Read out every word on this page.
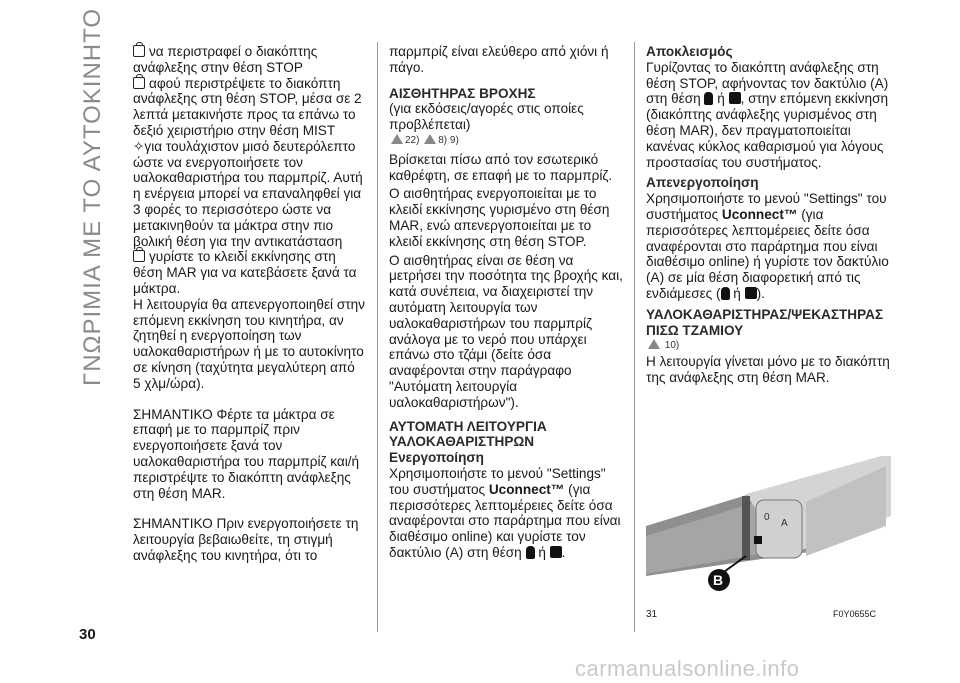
ΓΝΩΡΙΜΙΑ ΜΕ ΤΟ ΑΥΤΟΚΙΝΗΤΟ	να περιστραφεί ο διακόπτης ανάφλεξης στην θέση STOP

αφού περιστρέψετε το διακόπτη ανάφλεξης στη θέση STOP, μέσα σε 2 λεπτά μετακινήστε προς τα επάνω το δεξιό χειριστήριο στην θέση MIST

✧για τουλάχιστον μισό δευτερόλεπτο ώστε να ενεργοποιήσετε τον υαλοκαθαριστήρα του παρμπρίζ. Αυτή η ενέργεια μπορεί να επαναληφθεί για 3 φορές το περισσότερο ώστε να μετακινηθούν τα μάκτρα στην πιο βολική θέση για την αντικατάσταση

γυρίστε το κλειδί εκκίνησης στη θέση MAR για να κατεβάσετε ξανά τα μάκτρα.

Η λειτουργία θα απενεργοποιηθεί στην επόμενη εκκίνηση του κινητήρα, αν ζητηθεί η ενεργοποίηση των υαλοκαθαριστήρων ή με το αυτοκίνητο σε κίνηση (ταχύτητα μεγαλύτερη από 5 χλμ/ώρα).

ΣΗΜΑΝΤΙΚΟ Φέρτε τα μάκτρα σε επαφή με το παρμπρίζ πριν ενεργοποιήσετε ξανά τον υαλοκαθαριστήρα του παρμπρίζ και/ή περιστρέψτε το διακόπτη ανάφλεξης στη θέση MAR.

ΣΗΜΑΝΤΙΚΟ Πριν ενεργοποιήσετε τη λειτουργία βεβαιωθείτε, τη στιγμή ανάφλεξης του κινητήρα, ότι το

παρμπρίζ είναι ελεύθερο από χιόνι ή πάγο.

ΑΙΣΘΗΤΗΡΑΣ ΒΡΟΧΗΣ

(για εκδόσεις/αγορές στις οποίες προβλέπεται)

22) 8) 9)

Βρίσκεται πίσω από τον εσωτερικό καθρέφτη, σε επαφή με το παρμπρίζ.

Ο αισθητήρας ενεργοποιείται με το κλειδί εκκίνησης γυρισμένο στη θέση MAR, ενώ απενεργοποιείται με το κλειδί εκκίνησης στη θέση STOP.

Ο αισθητήρας είναι σε θέση να μετρήσει την ποσότητα της βροχής και, κατά συνέπεια, να διαχειριστεί την αυτόματη λειτουργία των υαλοκαθαριστήρων του παρμπρίζ ανάλογα με το νερό που υπάρχει επάνω στο τζάμι (δείτε όσα αναφέρονται στην παράγραφο "Αυτόματη λειτουργία υαλοκαθαριστήρων").

ΑΥΤΟΜΑΤΗ ΛΕΙΤΟΥΡΓΙΑ ΥΑΛΟΚΑΘΑΡΙΣΤΗΡΩΝ

Ενεργοποίηση

Χρησιμοποιήστε το μενού "Settings" του συστήματος Uconnect™ (για περισσότερες λεπτομέρειες δείτε όσα αναφέρονται στο παράρτημα που είναι διαθέσιμο online) και γυρίστε τον δακτύλιο (A) στη θέση ή .

Αποκλεισμός

Γυρίζοντας το διακόπτη ανάφλεξης στη θέση STOP, αφήνοντας τον δακτύλιο (A) στη θέση ή , στην επόμενη εκκίνηση (διακόπτης ανάφλεξης γυρισμένος στη θέση MAR), δεν πραγματοποιείται κανένας κύκλος καθαρισμού για λόγους προστασίας του συστήματος.

Απενεργοποίηση

Χρησιμοποιήστε το μενού "Settings" του συστήματος Uconnect™ (για περισσότερες λεπτομέρειες δείτε όσα αναφέρονται στο παράρτημα που είναι διαθέσιμο online) ή γυρίστε τον δακτύλιο (A) σε μία θέση διαφορετική από τις ενδιάμεσες ( ή ).

ΥΑΛΟΚΑΘΑΡΙΣΤΗΡΑΣ/ΨΕΚΑΣΤΗΡΑΣ ΠΙΣΩ ΤΖΑΜΙΟΥ

10)

Η λειτουργία γίνεται μόνο με το διακόπτη της ανάφλεξης στη θέση MAR.

0
A
B
31	F0Y0655C
30
carmanualsonline.info
